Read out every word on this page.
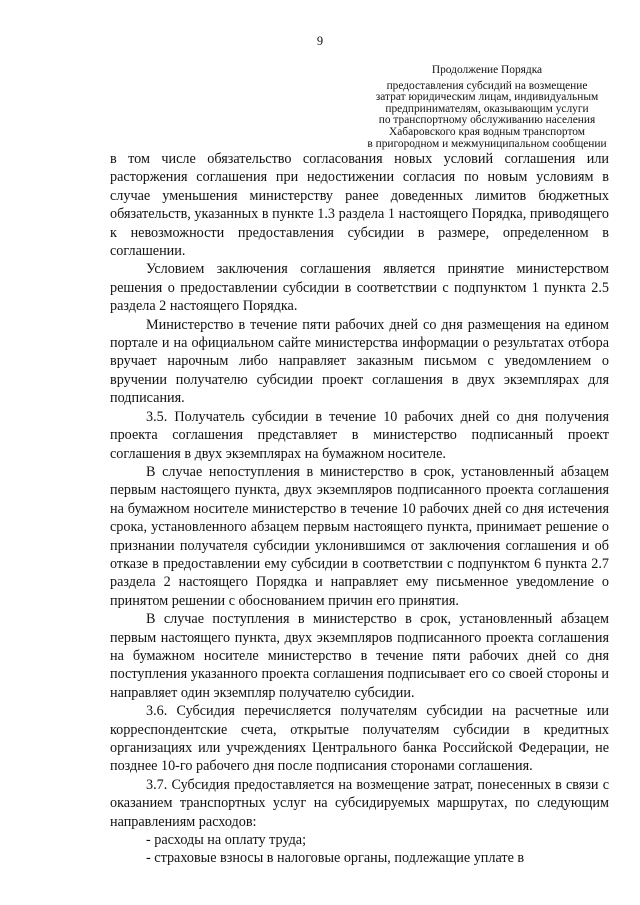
9
Продолжение Порядка
предоставления субсидий на возмещение
затрат юридическим лицам, индивидуальным
предпринимателям, оказывающим услуги
по транспортному обслуживанию населения
Хабаровского края водным транспортом
в пригородном и межмуниципальном сообщении

в том числе обязательство согласования новых условий соглашения или расторжения соглашения при недостижении согласия по новым условиям в случае уменьшения министерству ранее доведенных лимитов бюджетных обязательств, указанных в пункте 1.3 раздела 1 настоящего Порядка, приводящего к невозможности предоставления субсидии в размере, определенном в соглашении.

Условием заключения соглашения является принятие министерством решения о предоставлении субсидии в соответствии с подпунктом 1 пункта 2.5 раздела 2 настоящего Порядка.

Министерство в течение пяти рабочих дней со дня размещения на едином портале и на официальном сайте министерства информации о результатах отбора вручает нарочным либо направляет заказным письмом с уведомлением о вручении получателю субсидии проект соглашения в двух экземплярах для подписания.

3.5. Получатель субсидии в течение 10 рабочих дней со дня получения проекта соглашения представляет в министерство подписанный проект соглашения в двух экземплярах на бумажном носителе.

В случае непоступления в министерство в срок, установленный абзацем первым настоящего пункта, двух экземпляров подписанного проекта соглашения на бумажном носителе министерство в течение 10 рабочих дней со дня истечения срока, установленного абзацем первым настоящего пункта, принимает решение о признании получателя субсидии уклонившимся от заключения соглашения и об отказе в предоставлении ему субсидии в соответствии с подпунктом 6 пункта 2.7 раздела 2 настоящего Порядка и направляет ему письменное уведомление о принятом решении с обоснованием причин его принятия.

В случае поступления в министерство в срок, установленный абзацем первым настоящего пункта, двух экземпляров подписанного проекта соглашения на бумажном носителе министерство в течение пяти рабочих дней со дня поступления указанного проекта соглашения подписывает его со своей стороны и направляет один экземпляр получателю субсидии.

3.6. Субсидия перечисляется получателям субсидии на расчетные или корреспондентские счета, открытые получателям субсидии в кредитных организациях или учреждениях Центрального банка Российской Федерации, не позднее 10-го рабочего дня после подписания сторонами соглашения.

3.7. Субсидия предоставляется на возмещение затрат, понесенных в связи с оказанием транспортных услуг на субсидируемых маршрутах, по следующим направлениям расходов:

- расходы на оплату труда;

- страховые взносы в налоговые органы, подлежащие уплате в
